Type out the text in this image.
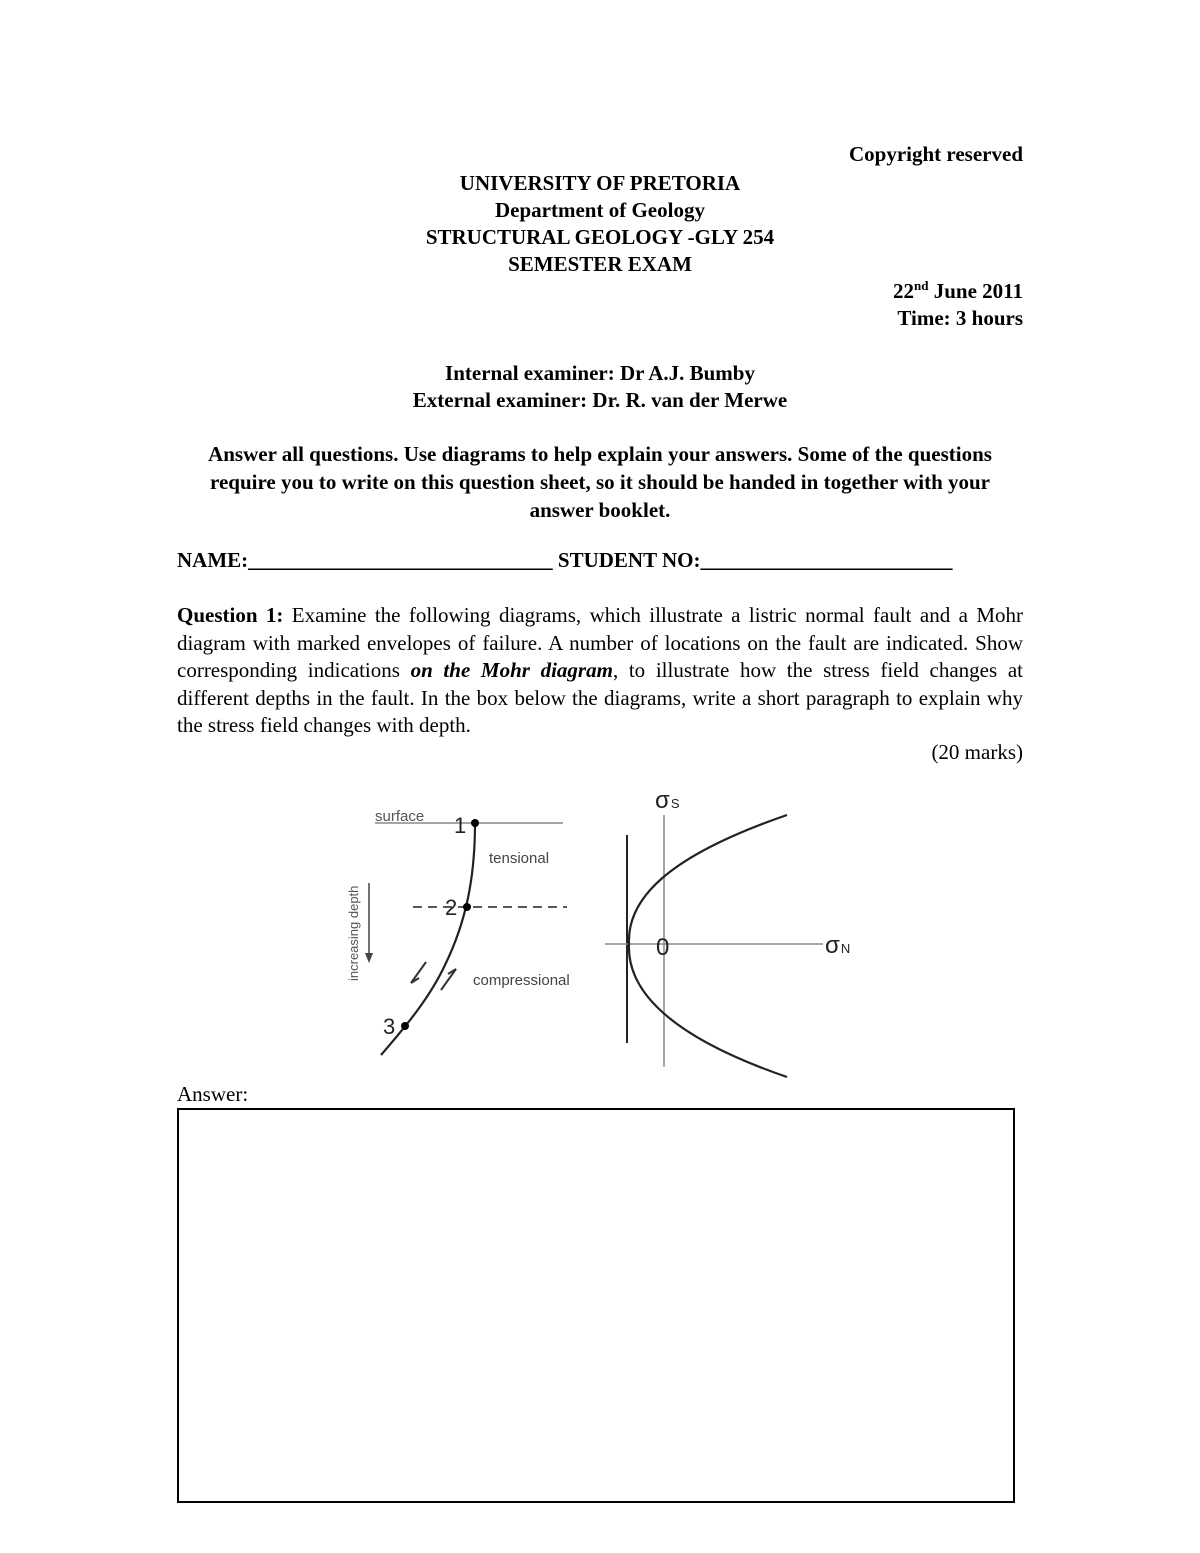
Copyright reserved
UNIVERSITY OF PRETORIA
Department of Geology
STRUCTURAL GEOLOGY -GLY 254
SEMESTER EXAM
22nd June 2011
Time: 3 hours
Internal examiner: Dr A.J. Bumby
External examiner: Dr. R. van der Merwe
Answer all questions. Use diagrams to help explain your answers. Some of the questions require you to write on this question sheet, so it should be handed in together with your answer booklet.
NAME:_____________________________ STUDENT NO:________________________
Question 1: Examine the following diagrams, which illustrate a listric normal fault and a Mohr diagram with marked envelopes of failure. A number of locations on the fault are indicated. Show corresponding indications on the Mohr diagram, to illustrate how the stress field changes at different depths in the fault. In the box below the diagrams, write a short paragraph to explain why the stress field changes with depth.
(20 marks)
surface 1
2
3
tensional
compressional
increasing depth
σS
σN
0
Answer:
